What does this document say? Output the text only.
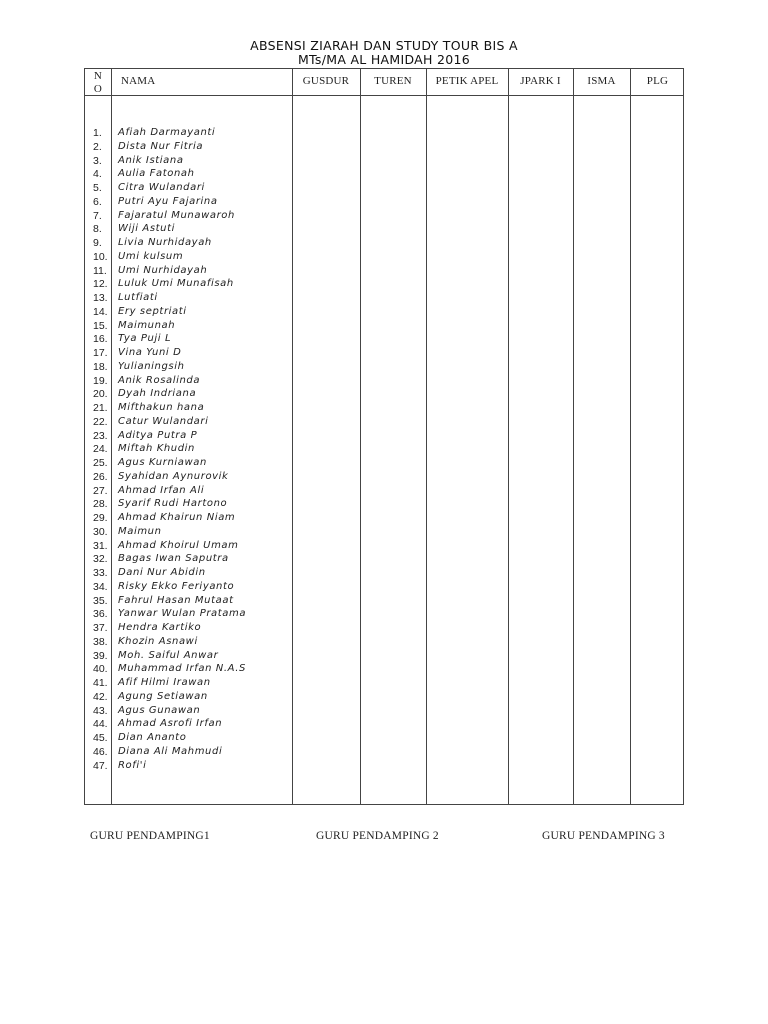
ABSENSI ZIARAH DAN STUDY TOUR BIS A
MTs/MA AL HAMIDAH 2016
N
O
NAMA	GUSDUR	TUREN	PETIK APEL	JPARK I	ISMA	PLG
1. Afiah Darmayanti
2. Dista Nur Fitria
3. Anik Istiana
4. Aulia Fatonah
5. Citra Wulandari
6. Putri Ayu Fajarina
7. Fajaratul Munawaroh
8. Wiji Astuti
9. Livia Nurhidayah
10. Umi kulsum
11. Umi Nurhidayah
12. Luluk Umi Munafisah
13. Lutfiati
14. Ery septriati
15. Maimunah
16. Tya Puji L
17. Vina Yuni D
18. Yulianingsih
19. Anik Rosalinda
20. Dyah Indriana
21. Mifthakun hana
22. Catur Wulandari
23. Aditya Putra P
24. Miftah Khudin
25. Agus Kurniawan
26. Syahidan Aynurovik
27. Ahmad Irfan Ali
28. Syarif Rudi Hartono
29. Ahmad Khairun Niam
30. Maimun
31. Ahmad Khoirul Umam
32. Bagas Iwan Saputra
33. Dani Nur Abidin
34. Risky Ekko Feriyanto
35. Fahrul Hasan Mutaat
36. Yanwar Wulan Pratama
37. Hendra Kartiko
38. Khozin Asnawi
39. Moh. Saiful Anwar
40. Muhammad Irfan N.A.S
41. Afif Hilmi Irawan
42. Agung Setiawan
43. Agus Gunawan
44. Ahmad Asrofi Irfan
45. Dian Ananto
46. Diana Ali Mahmudi
47. Rofi'i
GURU PENDAMPING1	GURU PENDAMPING 2	GURU PENDAMPING 3
